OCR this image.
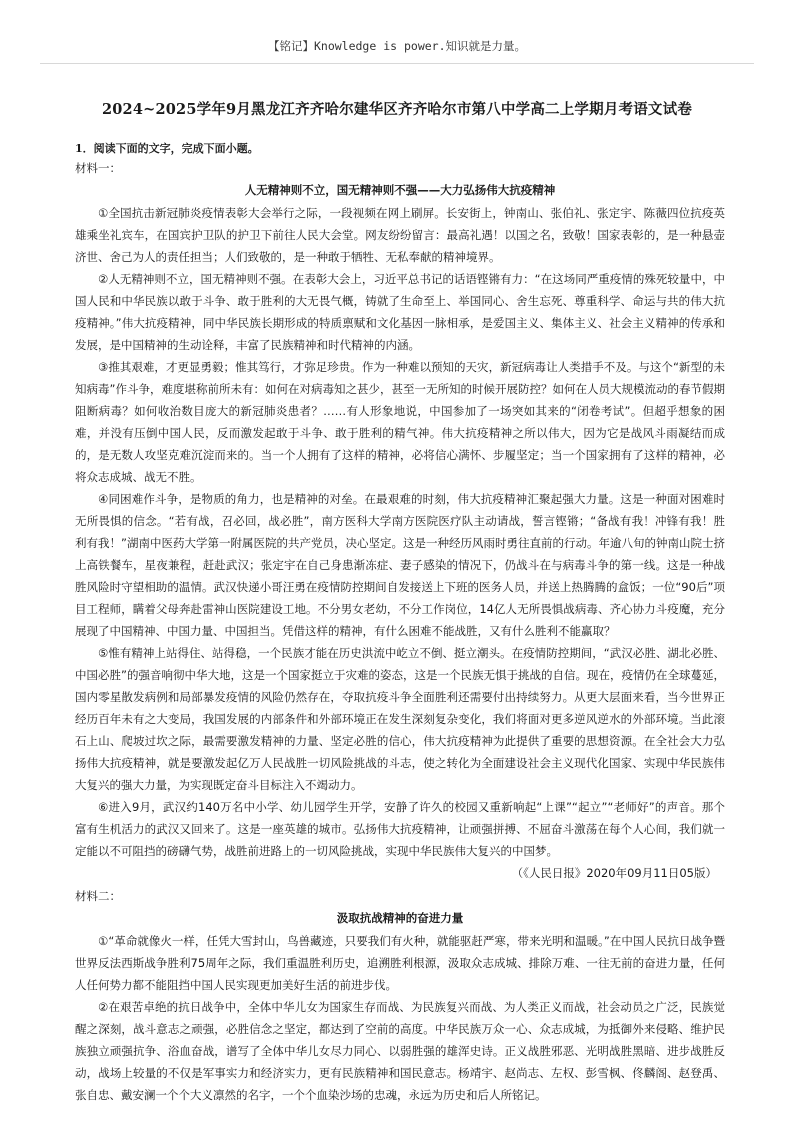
【铭记】Knowledge is power.知识就是力量。
2024~2025学年9月黑龙江齐齐哈尔建华区齐齐哈尔市第八中学高二上学期月考语文试卷

1．阅读下面的文字，完成下面小题。

材料一：

人无精神则不立，国无精神则不强——大力弘扬伟大抗疫精神

①全国抗击新冠肺炎疫情表彰大会举行之际，一段视频在网上刷屏。长安街上，钟南山、张伯礼、张定宇、陈薇四位抗疫英雄乘坐礼宾车，在国宾护卫队的护卫下前往人民大会堂。网友纷纷留言：最高礼遇！以国之名，致敬！国家表彰的，是一种悬壶济世、舍己为人的责任担当；人们致敬的，是一种敢于牺牲、无私奉献的精神境界。

②人无精神则不立，国无精神则不强。在表彰大会上，习近平总书记的话语铿锵有力：“在这场同严重疫情的殊死较量中，中国人民和中华民族以敢于斗争、敢于胜利的大无畏气概，铸就了生命至上、举国同心、舍生忘死、尊重科学、命运与共的伟大抗疫精神。”伟大抗疫精神，同中华民族长期形成的特质禀赋和文化基因一脉相承，是爱国主义、集体主义、社会主义精神的传承和发展，是中国精神的生动诠释，丰富了民族精神和时代精神的内涵。

③推其艰难，才更显勇毅；惟其笃行，才弥足珍贵。作为一种难以预知的天灾，新冠病毒让人类措手不及。与这个“新型的未知病毒”作斗争，难度堪称前所未有：如何在对病毒知之甚少，甚至一无所知的时候开展防控？如何在人员大规模流动的春节假期阻断病毒？如何收治数目庞大的新冠肺炎患者？……有人形象地说，中国参加了一场突如其来的“闭卷考试”。但超乎想象的困难，并没有压倒中国人民，反而激发起敢于斗争、敢于胜利的精气神。伟大抗疫精神之所以伟大，因为它是战风斗雨凝结而成的，是无数人攻坚克难沉淀而来的。当一个人拥有了这样的精神，必将信心满怀、步履坚定；当一个国家拥有了这样的精神，必将众志成城、战无不胜。

④同困难作斗争，是物质的角力，也是精神的对垒。在最艰难的时刻，伟大抗疫精神汇聚起强大力量。这是一种面对困难时无所畏惧的信念。“若有战，召必回，战必胜”，南方医科大学南方医院医疗队主动请战，誓言铿锵；“备战有我！冲锋有我！胜利有我！”湖南中医药大学第一附属医院的共产党员，决心坚定。这是一种经历风雨时勇往直前的行动。年逾八旬的钟南山院士挤上高铁餐车，星夜兼程，赶赴武汉；张定宇在自己身患渐冻症、妻子感染的情况下，仍战斗在与病毒斗争的第一线。这是一种战胜风险时守望相助的温情。武汉快递小哥汪勇在疫情防控期间自发接送上下班的医务人员，并送上热腾腾的盒饭；一位“90后”项目工程师，瞒着父母奔赴雷神山医院建设工地。不分男女老幼，不分工作岗位，14亿人无所畏惧战病毒、齐心协力斗疫魔，充分展现了中国精神、中国力量、中国担当。凭借这样的精神，有什么困难不能战胜，又有什么胜利不能赢取？

⑤惟有精神上站得住、站得稳，一个民族才能在历史洪流中屹立不倒、挺立潮头。在疫情防控期间，“武汉必胜、湖北必胜、中国必胜”的强音响彻中华大地，这是一个国家挺立于灾难的姿态，这是一个民族无惧于挑战的自信。现在，疫情仍在全球蔓延，国内零星散发病例和局部暴发疫情的风险仍然存在，夺取抗疫斗争全面胜利还需要付出持续努力。从更大层面来看，当今世界正经历百年未有之大变局，我国发展的内部条件和外部环境正在发生深刻复杂变化，我们将面对更多逆风逆水的外部环境。当此滚石上山、爬坡过坎之际，最需要激发精神的力量、坚定必胜的信心，伟大抗疫精神为此提供了重要的思想资源。在全社会大力弘扬伟大抗疫精神，就是要激发起亿万人民战胜一切风险挑战的斗志，使之转化为全面建设社会主义现代化国家、实现中华民族伟大复兴的强大力量，为实现既定奋斗目标注入不竭动力。

⑥进入9月，武汉约140万名中小学、幼儿园学生开学，安静了许久的校园又重新响起“上课”“起立”“老师好”的声音。那个富有生机活力的武汉又回来了。这是一座英雄的城市。弘扬伟大抗疫精神，让顽强拼搏、不屈奋斗激荡在每个人心间，我们就一定能以不可阻挡的磅礴气势，战胜前进路上的一切风险挑战，实现中华民族伟大复兴的中国梦。

（《人民日报》2020年09月11日05版）

材料二：

汲取抗战精神的奋进力量

①“革命就像火一样，任凭大雪封山，鸟兽藏迹，只要我们有火种，就能驱赶严寒，带来光明和温暖。”在中国人民抗日战争暨世界反法西斯战争胜利75周年之际，我们重温胜利历史，追溯胜利根源，汲取众志成城、排除万难、一往无前的奋进力量，任何人任何势力都不能阻挡中国人民实现更加美好生活的前进步伐。

②在艰苦卓绝的抗日战争中，全体中华儿女为国家生存而战、为民族复兴而战、为人类正义而战，社会动员之广泛，民族觉醒之深刻，战斗意志之顽强，必胜信念之坚定，都达到了空前的高度。中华民族万众一心、众志成城，为抵御外来侵略、维护民族独立顽强抗争、浴血奋战，谱写了全体中华儿女尽力同心、以弱胜强的雄浑史诗。正义战胜邪恶、光明战胜黑暗、进步战胜反动，战场上较量的不仅是军事实力和经济实力，更有民族精神和国民意志。杨靖宇、赵尚志、左权、彭雪枫、佟麟阁、赵登禹、张自忠、戴安澜一个个大义凛然的名字，一个个血染沙场的忠魂，永远为历史和后人所铭记。
